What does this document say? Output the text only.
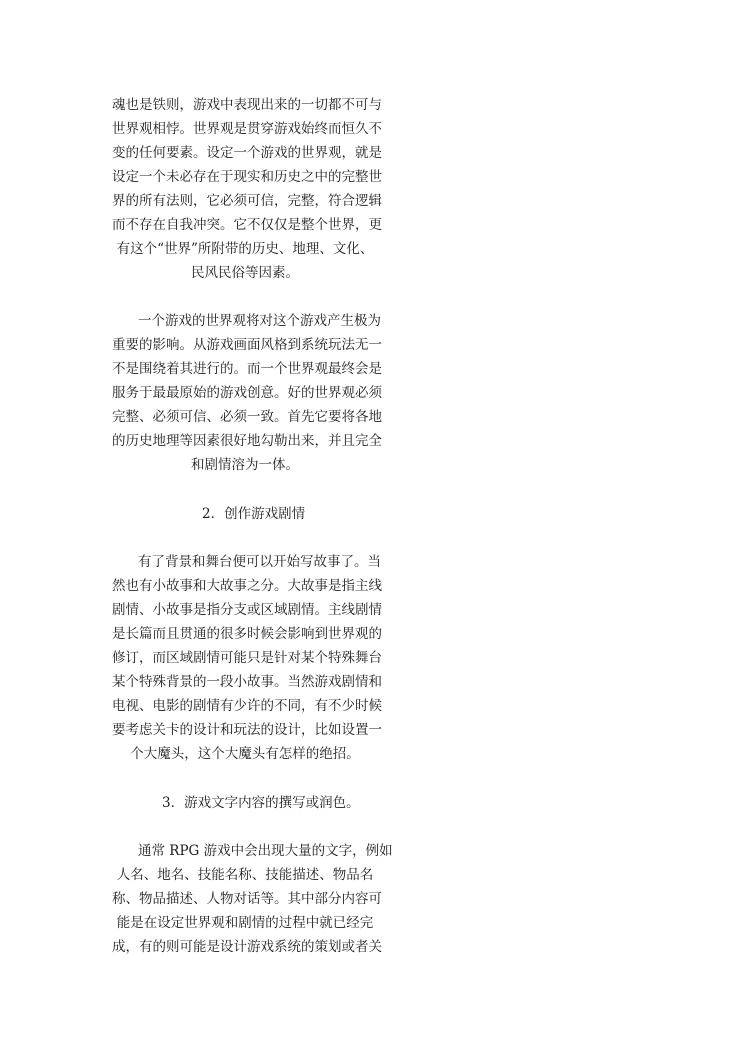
魂也是铁则，游戏中表现出来的一切都不可与
世界观相悖。世界观是贯穿游戏始终而恒久不
变的任何要素。设定一个游戏的世界观，就是
设定一个未必存在于现实和历史之中的完整世
界的所有法则，它必须可信，完整，符合逻辑
而不存在自我冲突。它不仅仅是整个世界，更
有这个“世界”所附带的历史、地理、文化、
民风民俗等因素。
一个游戏的世界观将对这个游戏产生极为
重要的影响。从游戏画面风格到系统玩法无一
不是围绕着其进行的。而一个世界观最终会是
服务于最最原始的游戏创意。好的世界观必须
完整、必须可信、必须一致。首先它要将各地
的历史地理等因素很好地勾勒出来，并且完全
和剧情溶为一体。
2．创作游戏剧情
有了背景和舞台便可以开始写故事了。当
然也有小故事和大故事之分。大故事是指主线
剧情、小故事是指分支或区域剧情。主线剧情
是长篇而且贯通的很多时候会影响到世界观的
修订，而区域剧情可能只是针对某个特殊舞台
某个特殊背景的一段小故事。当然游戏剧情和
电视、电影的剧情有少许的不同，有不少时候
要考虑关卡的设计和玩法的设计，比如设置一
个大魔头，这个大魔头有怎样的绝招。
3．游戏文字内容的撰写或润色。
通常 RPG 游戏中会出现大量的文字，例如
人名、地名、技能名称、技能描述、物品名
称、物品描述、人物对话等。其中部分内容可
能是在设定世界观和剧情的过程中就已经完
成，有的则可能是设计游戏系统的策划或者关
